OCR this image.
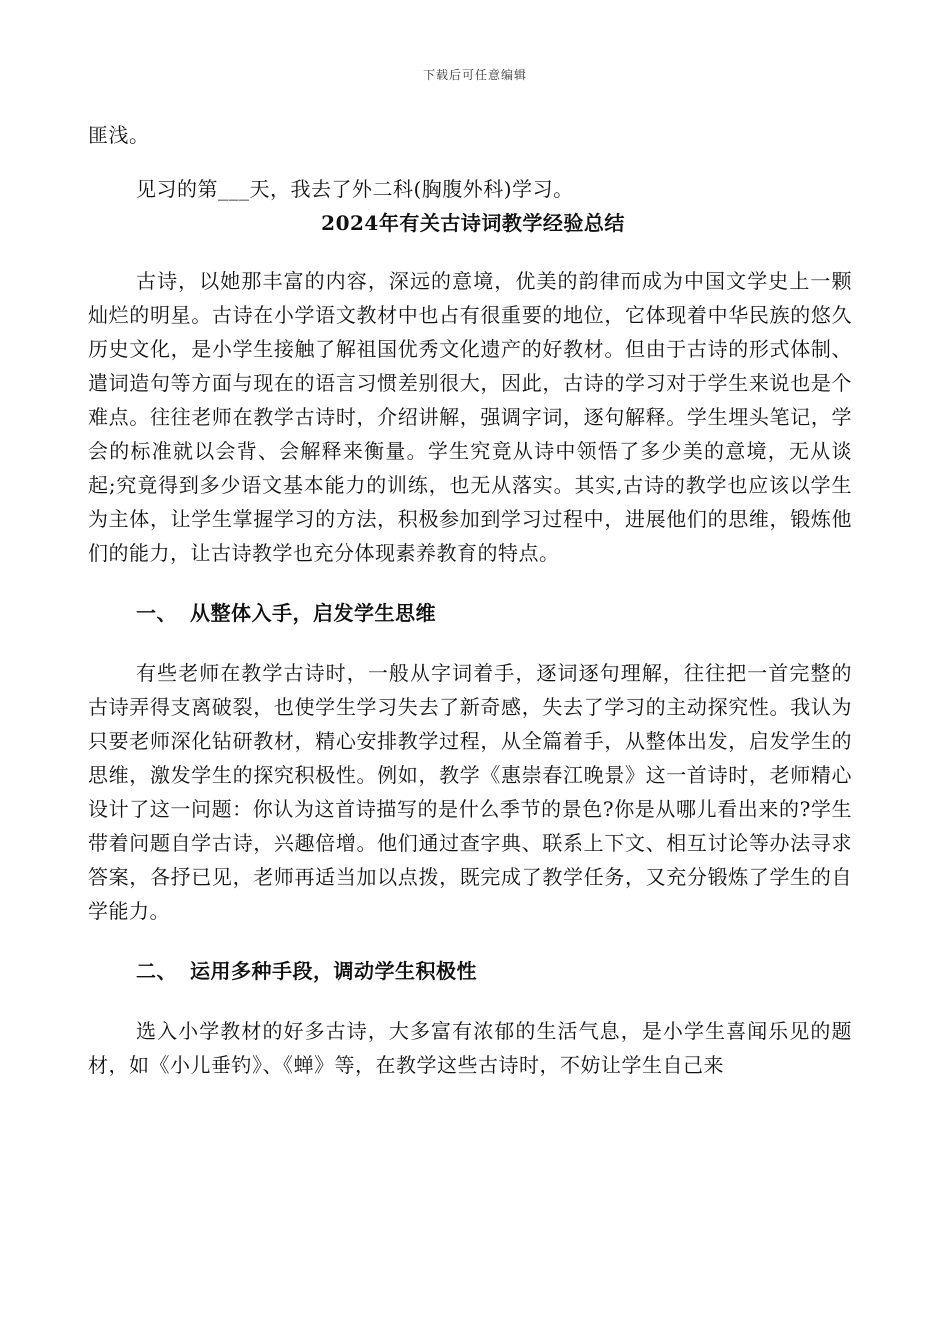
下载后可任意编辑

匪浅。

见习的第___天，我去了外二科(胸腹外科)学习。

2024年有关古诗词教学经验总结

古诗，以她那丰富的内容，深远的意境，优美的韵律而成为中国文学史上一颗灿烂的明星。古诗在小学语文教材中也占有很重要的地位，它体现着中华民族的悠久历史文化，是小学生接触了解祖国优秀文化遗产的好教材。但由于古诗的形式体制、遣词造句等方面与现在的语言习惯差别很大，因此，古诗的学习对于学生来说也是个难点。往往老师在教学古诗时，介绍讲解，强调字词，逐句解释。学生埋头笔记，学会的标准就以会背、会解释来衡量。学生究竟从诗中领悟了多少美的意境，无从谈起;究竟得到多少语文基本能力的训练，也无从落实。其实,古诗的教学也应该以学生为主体，让学生掌握学习的方法，积极参加到学习过程中，进展他们的思维，锻炼他们的能力，让古诗教学也充分体现素养教育的特点。

一、 从整体入手，启发学生思维

有些老师在教学古诗时，一般从字词着手，逐词逐句理解，往往把一首完整的古诗弄得支离破裂，也使学生学习失去了新奇感，失去了学习的主动探究性。我认为只要老师深化钻研教材，精心安排教学过程，从全篇着手，从整体出发，启发学生的思维，激发学生的探究积极性。例如，教学《惠崇春江晚景》这一首诗时，老师精心设计了这一问题：你认为这首诗描写的是什么季节的景色?你是从哪儿看出来的?学生带着问题自学古诗，兴趣倍增。他们通过查字典、联系上下文、相互讨论等办法寻求答案，各抒已见，老师再适当加以点拨，既完成了教学任务，又充分锻炼了学生的自学能力。

二、 运用多种手段，调动学生积极性

选入小学教材的好多古诗，大多富有浓郁的生活气息，是小学生喜闻乐见的题材，如《小儿垂钓》、《蝉》等，在教学这些古诗时，不妨让学生自己来
